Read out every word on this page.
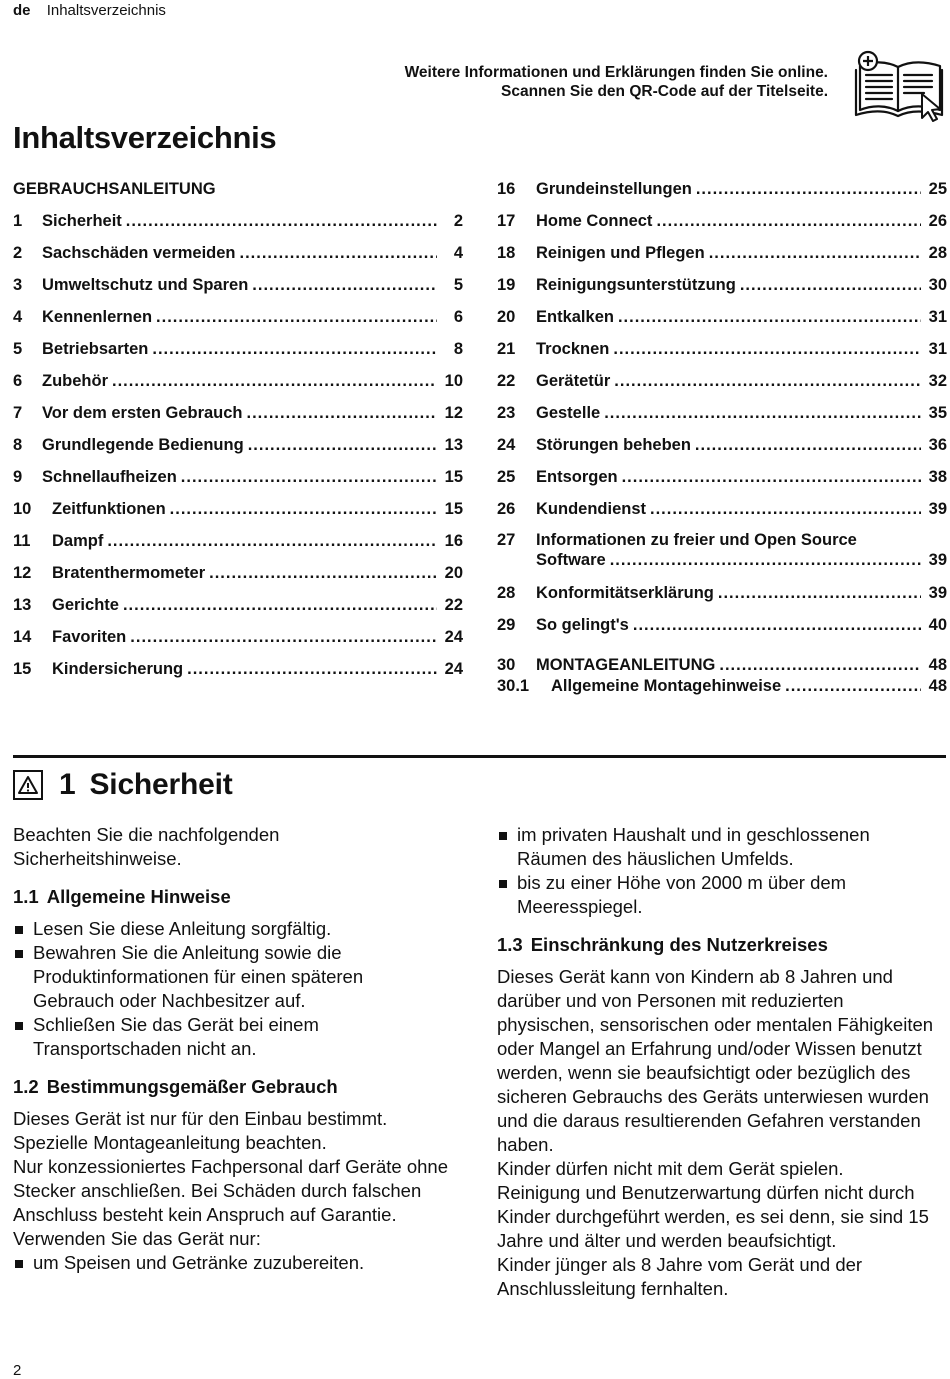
de Inhaltsverzeichnis
Weitere Informationen und Erklärungen finden Sie online.
Scannen Sie den QR-Code auf der Titelseite.
Inhaltsverzeichnis
GEBRAUCHSANLEITUNG
1	Sicherheit .....	2
2	Sachschäden vermeiden .....	4
3	Umweltschutz und Sparen .....	5
4	Kennenlernen .....	6
5	Betriebsarten .....	8
6	Zubehör .....	10
7	Vor dem ersten Gebrauch .....	12
8	Grundlegende Bedienung .....	13
9	Schnellaufheizen .....	15
10	Zeitfunktionen .....	15
11	Dampf .....	16
12	Bratenthermometer .....	20
13	Gerichte .....	22
14	Favoriten .....	24
15	Kindersicherung .....	24
16	Grundeinstellungen .....	25
17	Home Connect .....	26
18	Reinigen und Pflegen .....	28
19	Reinigungsunterstützung .....	30
20	Entkalken .....	31
21	Trocknen .....	31
22	Gerätetür .....	32
23	Gestelle .....	35
24	Störungen beheben .....	36
25	Entsorgen .....	38
26	Kundendienst .....	39
27	Informationen zu freier und Open Source
Software .....	39
28	Konformitätserklärung .....	39
29	So gelingt's .....	40
30	MONTAGEANLEITUNG .....	48
30.1	Allgemeine Montagehinweise .....	48
1 Sicherheit

Beachten Sie die nachfolgenden Sicherheitshinweise.

1.1 Allgemeine Hinweise
Lesen Sie diese Anleitung sorgfältig.
Bewahren Sie die Anleitung sowie die Produktinformationen für einen späteren Gebrauch oder Nachbesitzer auf.
Schließen Sie das Gerät bei einem Transportschaden nicht an.
1.2 Bestimmungsgemäßer Gebrauch

Dieses Gerät ist nur für den Einbau bestimmt. Spezielle Montageanleitung beachten.

Nur konzessioniertes Fachpersonal darf Geräte ohne Stecker anschließen. Bei Schäden durch falschen Anschluss besteht kein Anspruch auf Garantie.

Verwenden Sie das Gerät nur:

um Speisen und Getränke zuzubereiten.
im privaten Haushalt und in geschlossenen Räumen des häuslichen Umfelds.
bis zu einer Höhe von 2000 m über dem Meeresspiegel.
1.3 Einschränkung des Nutzerkreises

Dieses Gerät kann von Kindern ab 8 Jahren und darüber und von Personen mit reduzierten physischen, sensorischen oder mentalen Fähigkeiten oder Mangel an Erfahrung und/oder Wissen benutzt werden, wenn sie beaufsichtigt oder bezüglich des sicheren Gebrauchs des Geräts unterwiesen wurden und die daraus resultierenden Gefahren verstanden haben.

Kinder dürfen nicht mit dem Gerät spielen.

Reinigung und Benutzerwartung dürfen nicht durch Kinder durchgeführt werden, es sei denn, sie sind 15 Jahre und älter und werden beaufsichtigt.

Kinder jünger als 8 Jahre vom Gerät und der Anschlussleitung fernhalten.

2
